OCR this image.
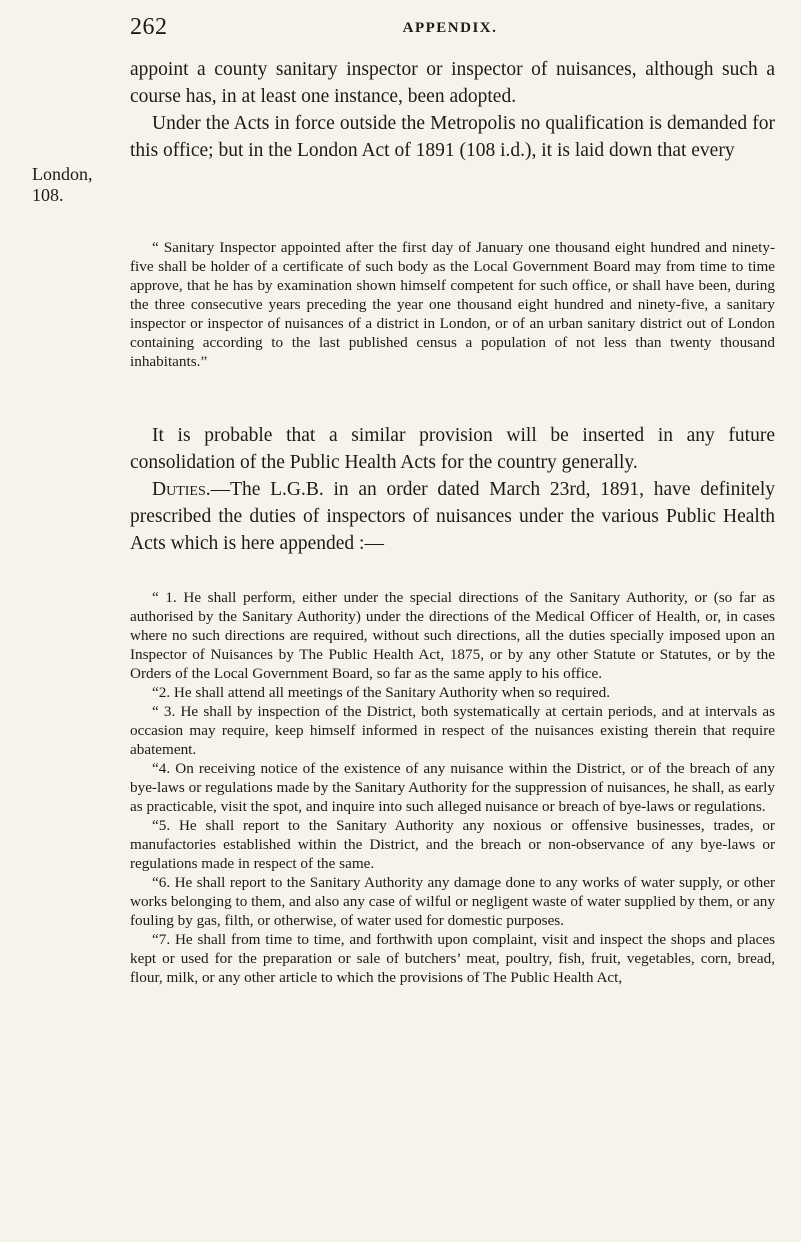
262	APPENDIX.
London,
108.

appoint a county sanitary inspector or inspector of nuisances, although such a course has, in at least one instance, been adopted.

Under the Acts in force outside the Metropolis no qualification is demanded for this office; but in the London Act of 1891 (108 i.d.), it is laid down that every

“ Sanitary Inspector appointed after the first day of January one thousand eight hundred and ninety-five shall be holder of a certificate of such body as the Local Government Board may from time to time approve, that he has by examination shown himself competent for such office, or shall have been, during the three consecutive years preceding the year one thousand eight hundred and ninety-five, a sanitary inspector or inspector of nuisances of a district in London, or of an urban sanitary district out of London containing according to the last published census a population of not less than twenty thousand inhabitants.”

It is probable that a similar provision will be inserted in any future consolidation of the Public Health Acts for the country generally.

Duties.—The L.G.B. in an order dated March 23rd, 1891, have definitely prescribed the duties of inspectors of nuisances under the various Public Health Acts which is here appended :—

“ 1. He shall perform, either under the special directions of the Sanitary Authority, or (so far as authorised by the Sanitary Authority) under the directions of the Medical Officer of Health, or, in cases where no such directions are required, without such directions, all the duties specially imposed upon an Inspector of Nuisances by The Public Health Act, 1875, or by any other Statute or Statutes, or by the Orders of the Local Government Board, so far as the same apply to his office.

“2. He shall attend all meetings of the Sanitary Authority when so required.

“ 3. He shall by inspection of the District, both systematically at certain periods, and at intervals as occasion may require, keep himself informed in respect of the nuisances existing therein that require abatement.

“4. On receiving notice of the existence of any nuisance within the District, or of the breach of any bye-laws or regulations made by the Sanitary Authority for the suppression of nuisances, he shall, as early as practicable, visit the spot, and inquire into such alleged nuisance or breach of bye-laws or regulations.

“5. He shall report to the Sanitary Authority any noxious or offensive businesses, trades, or manufactories established within the District, and the breach or non-observance of any bye-laws or regulations made in respect of the same.

“6. He shall report to the Sanitary Authority any damage done to any works of water supply, or other works belonging to them, and also any case of wilful or negligent waste of water supplied by them, or any fouling by gas, filth, or otherwise, of water used for domestic purposes.

“7. He shall from time to time, and forthwith upon complaint, visit and inspect the shops and places kept or used for the preparation or sale of butchers’ meat, poultry, fish, fruit, vegetables, corn, bread, flour, milk, or any other article to which the provisions of The Public Health Act,
